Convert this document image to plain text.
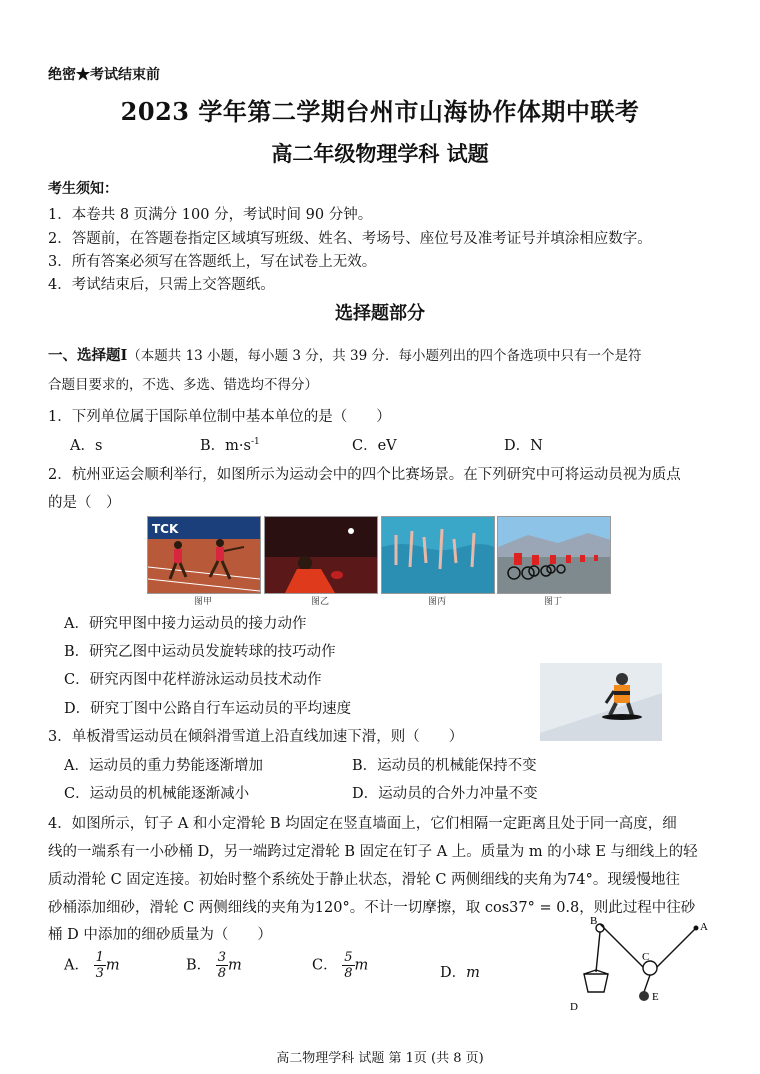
绝密★考试结束前
2023 学年第二学期台州市山海协作体期中联考
高二年级物理学科 试题
考生须知：
1．本卷共 8 页满分 100 分，考试时间 90 分钟。
2．答题前，在答题卷指定区域填写班级、姓名、考场号、座位号及准考证号并填涂相应数字。
3．所有答案必须写在答题纸上，写在试卷上无效。
4．考试结束后，只需上交答题纸。
选择题部分
一、选择题Ⅰ（本题共 13 小题，每小题 3 分，共 39 分．每小题列出的四个备选项中只有一个是符
合题目要求的，不选、多选、错选均不得分）
1．下列单位属于国际单位制中基本单位的是（　　）
A．s	B．$m\cdot s^{-1}$	C．eV	D．N
2．杭州亚运会顺利举行，如图所示为运动会中的四个比赛场景。在下列研究中可将运动员视为质点
的是（　）
TCK
图甲	图乙	图丙	图丁
A．研究甲图中接力运动员的接力动作
B．研究乙图中运动员发旋转球的技巧动作
C．研究丙图中花样游泳运动员技术动作
D．研究丁图中公路自行车运动员的平均速度
3．单板滑雪运动员在倾斜滑雪道上沿直线加速下滑，则（　　）
A．运动员的重力势能逐渐增加	B．运动员的机械能保持不变
C．运动员的机械能逐渐减小	D．运动员的合外力冲量不变
4．如图所示，钉子 A 和小定滑轮 B 均固定在竖直墙面上，它们相隔一定距离且处于同一高度，细
线的一端系有一小砂桶 D，另一端跨过定滑轮 B 固定在钉子 A 上。质量为 m 的小球 E 与细线上的轻
质动滑轮 C 固定连接。初始时整个系统处于静止状态，滑轮 C 两侧细线的夹角为74°。现缓慢地往
砂桶添加细砂，滑轮 C 两侧细线的夹角为120°。不计一切摩擦，取 cos37° = 0.8，则此过程中往砂
桶 D 中添加的细砂质量为（　　）
A． $\frac{1}{3}$ m	B． $\frac{3}{8}$ m	C． $\frac{5}{8}$ m	D．m
B	A
C
D
E
高二物理学科 试题 第 1页 (共 8 页)
